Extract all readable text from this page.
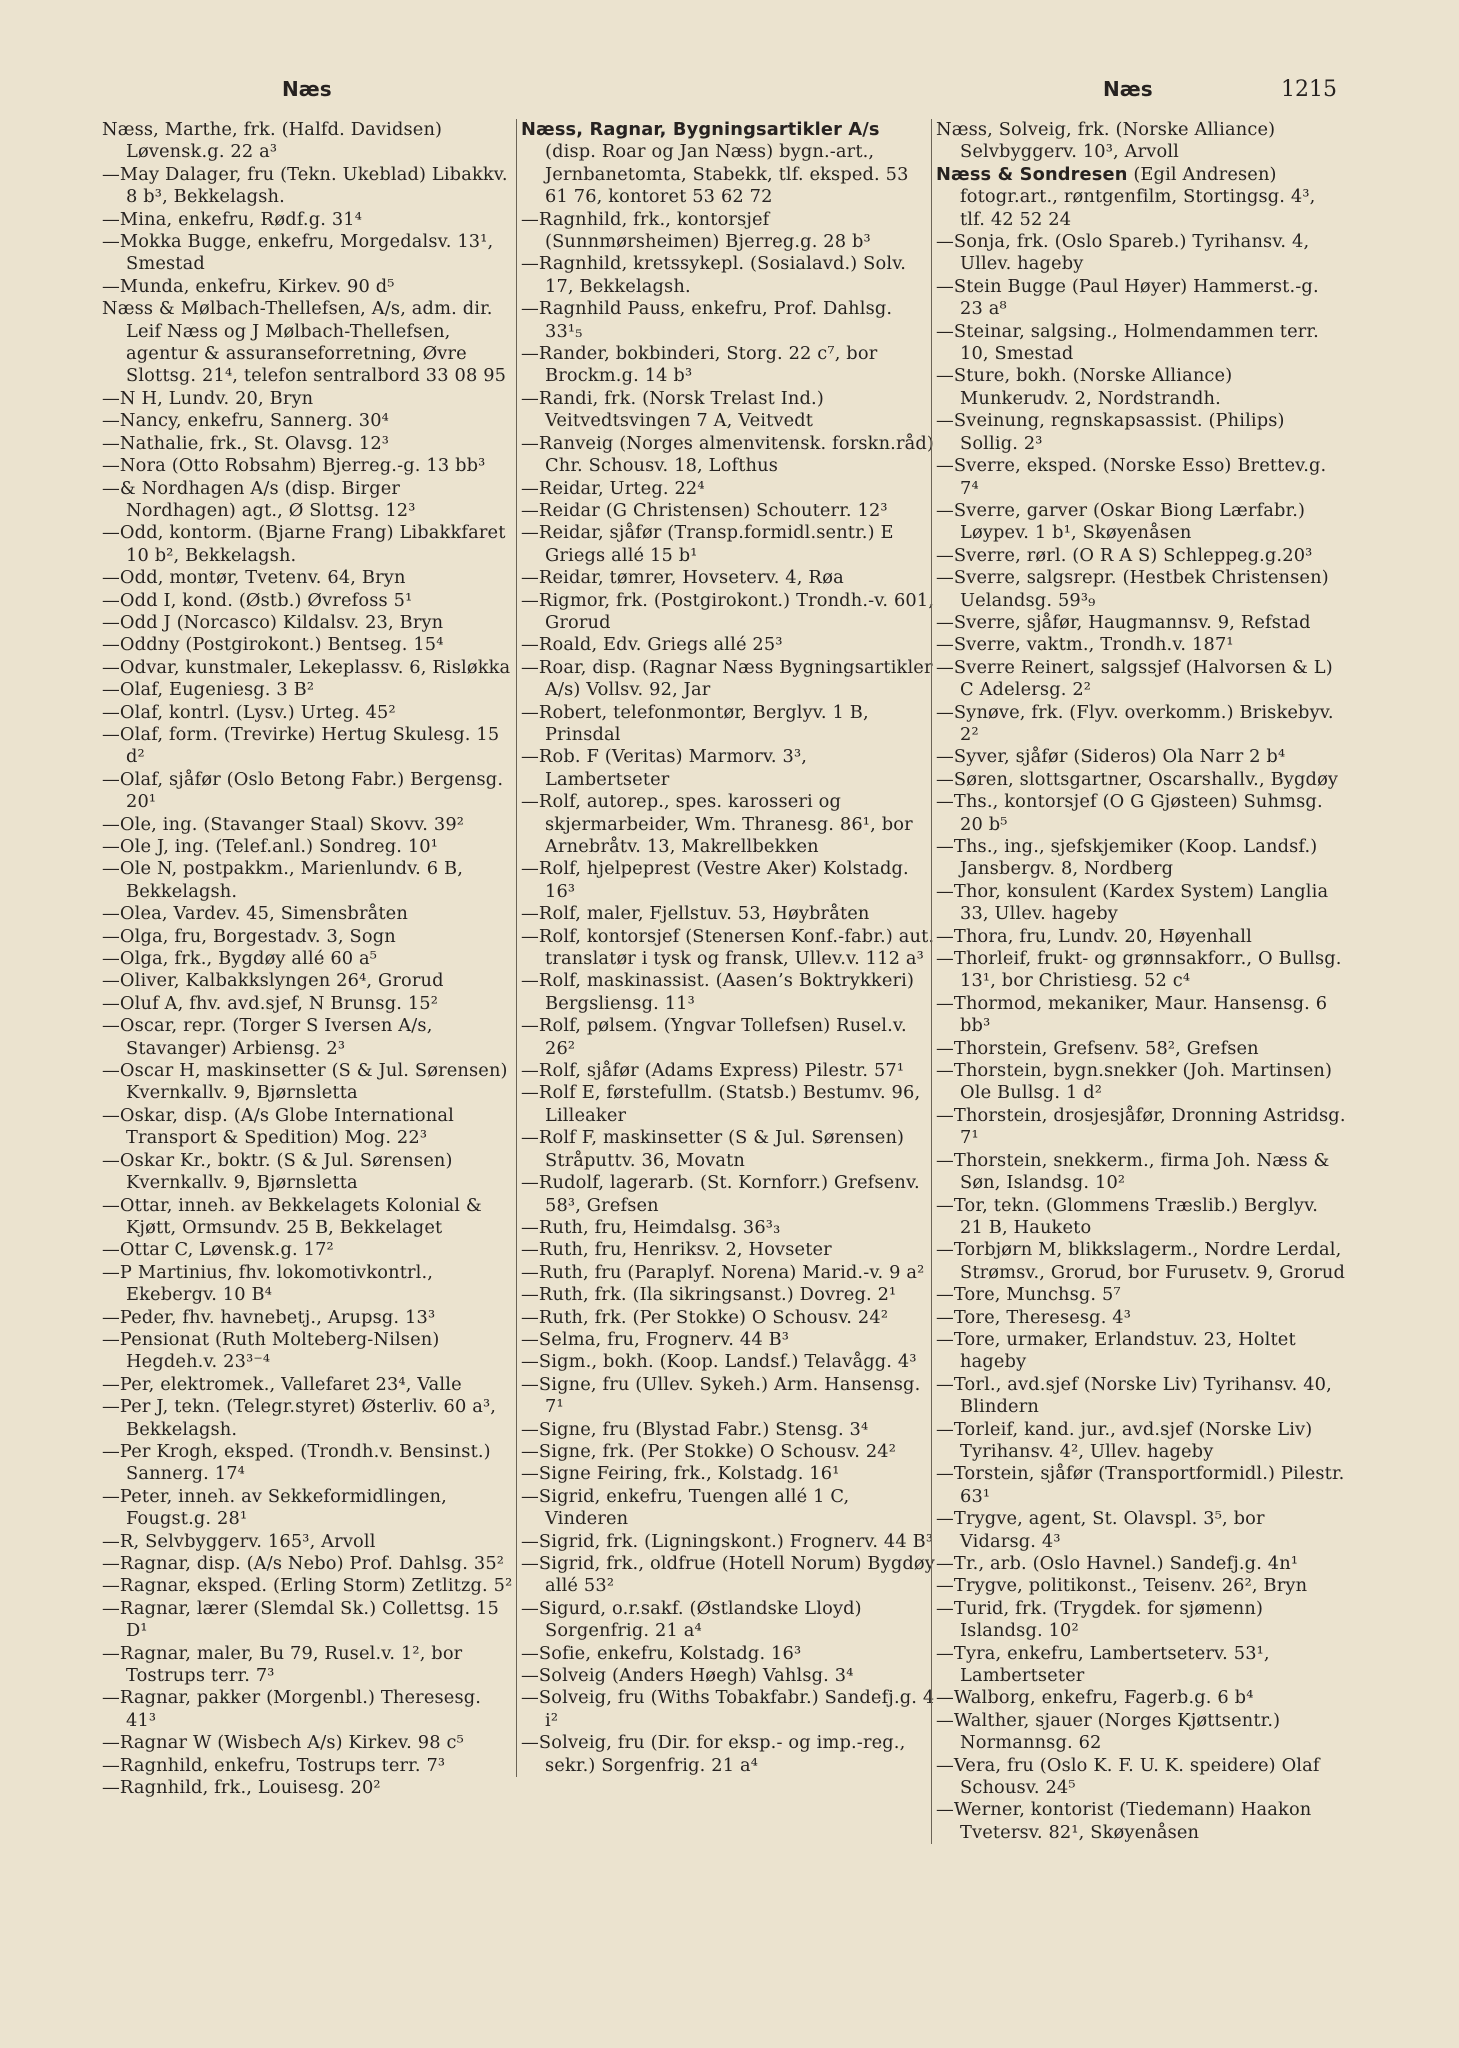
Næs	Næs	1215
Næss, Marthe, frk. (Halfd. Davidsen) Løvensk.g. 22 a³
—May Dalager, fru (Tekn. Ukeblad) Libakkv. 8 b³, Bekkelagsh.
—Mina, enkefru, Rødf.g. 31⁴
—Mokka Bugge, enkefru, Morgedalsv. 13¹, Smestad
—Munda, enkefru, Kirkev. 90 d⁵
Næss & Mølbach-Thellefsen, A/s, adm. dir. Leif Næss og J Mølbach-Thellefsen, agentur & assuranseforretning, Øvre Slottsg. 21⁴, telefon sentralbord 33 08 95
—N H, Lundv. 20, Bryn
—Nancy, enkefru, Sannerg. 30⁴
—Nathalie, frk., St. Olavsg. 12³
—Nora (Otto Robsahm) Bjerreg.-g. 13 bb³
—& Nordhagen A/s (disp. Birger Nordhagen) agt., Ø Slottsg. 12³
—Odd, kontorm. (Bjarne Frang) Libakkfaret 10 b², Bekkelagsh.
—Odd, montør, Tvetenv. 64, Bryn
—Odd I, kond. (Østb.) Øvrefoss 5¹
—Odd J (Norcasco) Kildalsv. 23, Bryn
—Oddny (Postgirokont.) Bentseg. 15⁴
—Odvar, kunstmaler, Lekeplassv. 6, Risløkka
—Olaf, Eugeniesg. 3 B²
—Olaf, kontrl. (Lysv.) Urteg. 45²
—Olaf, form. (Trevirke) Hertug Skulesg. 15 d²
—Olaf, sjåfør (Oslo Betong Fabr.) Bergensg. 20¹
—Ole, ing. (Stavanger Staal) Skovv. 39²
—Ole J, ing. (Telef.anl.) Sondreg. 10¹
—Ole N, postpakkm., Marienlundv. 6 B, Bekkelagsh.
—Olea, Vardev. 45, Simensbråten
—Olga, fru, Borgestadv. 3, Sogn
—Olga, frk., Bygdøy allé 60 a⁵
—Oliver, Kalbakkslyngen 26⁴, Grorud
—Oluf A, fhv. avd.sjef, N Brunsg. 15²
—Oscar, repr. (Torger S Iversen A/s, Stavanger) Arbiensg. 2³
—Oscar H, maskinsetter (S & Jul. Sørensen) Kvernkallv. 9, Bjørnsletta
—Oskar, disp. (A/s Globe International Transport & Spedition) Mog. 22³
—Oskar Kr., boktr. (S & Jul. Sørensen) Kvernkallv. 9, Bjørnsletta
—Ottar, inneh. av Bekkelagets Kolonial & Kjøtt, Ormsundv. 25 B, Bekkelaget
—Ottar C, Løvensk.g. 17²
—P Martinius, fhv. lokomotivkontrl., Ekebergv. 10 B⁴
—Peder, fhv. havnebetj., Arupsg. 13³
—Pensionat (Ruth Molteberg-Nilsen) Hegdeh.v. 23³⁻⁴
—Per, elektromek., Vallefaret 23⁴, Valle
—Per J, tekn. (Telegr.styret) Østerliv. 60 a³, Bekkelagsh.
—Per Krogh, eksped. (Trondh.v. Bensinst.) Sannerg. 17⁴
—Peter, inneh. av Sekkeformidlingen, Fougst.g. 28¹
—R, Selvbyggerv. 165³, Arvoll
—Ragnar, disp. (A/s Nebo) Prof. Dahlsg. 35²
—Ragnar, eksped. (Erling Storm) Zetlitzg. 5²
—Ragnar, lærer (Slemdal Sk.) Collettsg. 15 D¹
—Ragnar, maler, Bu 79, Rusel.v. 1², bor Tostrups terr. 7³
—Ragnar, pakker (Morgenbl.) Theresesg. 41³
—Ragnar W (Wisbech A/s) Kirkev. 98 c⁵
—Ragnhild, enkefru, Tostrups terr. 7³
—Ragnhild, frk., Louisesg. 20²
Næss, Ragnar, Bygningsartikler A/s (disp. Roar og Jan Næss) bygn.-art., Jernbanetomta, Stabekk, tlf. eksped. 53 61 76, kontoret 53 62 72
—Ragnhild, frk., kontorsjef (Sunnmørsheimen) Bjerreg.g. 28 b³
—Ragnhild, kretssykepl. (Sosialavd.) Solv. 17, Bekkelagsh.
—Ragnhild Pauss, enkefru, Prof. Dahlsg. 33¹₅
—Rander, bokbinderi, Storg. 22 c⁷, bor Brockm.g. 14 b³
—Randi, frk. (Norsk Trelast Ind.) Veitvedtsvingen 7 A, Veitvedt
—Ranveig (Norges almenvitensk. forskn.råd) Chr. Schousv. 18, Lofthus
—Reidar, Urteg. 22⁴
—Reidar (G Christensen) Schouterr. 12³
—Reidar, sjåfør (Transp.formidl.sentr.) E Griegs allé 15 b¹
—Reidar, tømrer, Hovseterv. 4, Røa
—Rigmor, frk. (Postgirokont.) Trondh.-v. 601, Grorud
—Roald, Edv. Griegs allé 25³
—Roar, disp. (Ragnar Næss Bygningsartikler A/s) Vollsv. 92, Jar
—Robert, telefonmontør, Berglyv. 1 B, Prinsdal
—Rob. F (Veritas) Marmorv. 3³, Lambertseter
—Rolf, autorep., spes. karosseri og skjermarbeider, Wm. Thranesg. 86¹, bor Arnebråtv. 13, Makrellbekken
—Rolf, hjelpeprest (Vestre Aker) Kolstadg. 16³
—Rolf, maler, Fjellstuv. 53, Høybråten
—Rolf, kontorsjef (Stenersen Konf.-fabr.) aut. translatør i tysk og fransk, Ullev.v. 112 a³
—Rolf, maskinassist. (Aasen’s Boktrykkeri) Bergsliensg. 11³
—Rolf, pølsem. (Yngvar Tollefsen) Rusel.v. 26²
—Rolf, sjåfør (Adams Express) Pilestr. 57¹
—Rolf E, førstefullm. (Statsb.) Bestumv. 96, Lilleaker
—Rolf F, maskinsetter (S & Jul. Sørensen) Stråputtv. 36, Movatn
—Rudolf, lagerarb. (St. Kornforr.) Grefsenv. 58³, Grefsen
—Ruth, fru, Heimdalsg. 36³₃
—Ruth, fru, Henriksv. 2, Hovseter
—Ruth, fru (Paraplyf. Norena) Marid.-v. 9 a²
—Ruth, frk. (Ila sikringsanst.) Dovreg. 2¹
—Ruth, frk. (Per Stokke) O Schousv. 24²
—Selma, fru, Frognerv. 44 B³
—Sigm., bokh. (Koop. Landsf.) Telavågg. 4³
—Signe, fru (Ullev. Sykeh.) Arm. Hansensg. 7¹
—Signe, fru (Blystad Fabr.) Stensg. 3⁴
—Signe, frk. (Per Stokke) O Schousv. 24²
—Signe Feiring, frk., Kolstadg. 16¹
—Sigrid, enkefru, Tuengen allé 1 C, Vinderen
—Sigrid, frk. (Ligningskont.) Frognerv. 44 B³
—Sigrid, frk., oldfrue (Hotell Norum) Bygdøy allé 53²
—Sigurd, o.r.sakf. (Østlandske Lloyd) Sorgenfrig. 21 a⁴
—Sofie, enkefru, Kolstadg. 16³
—Solveig (Anders Høegh) Vahlsg. 3⁴
—Solveig, fru (Withs Tobakfabr.) Sandefj.g. 4 i²
—Solveig, fru (Dir. for eksp.- og imp.-reg., sekr.) Sorgenfrig. 21 a⁴
Næss, Solveig, frk. (Norske Alliance) Selvbyggerv. 10³, Arvoll
Næss & Sondresen (Egil Andresen) fotogr.art., røntgenfilm, Stortingsg. 4³, tlf. 42 52 24
—Sonja, frk. (Oslo Spareb.) Tyrihansv. 4, Ullev. hageby
—Stein Bugge (Paul Høyer) Hammerst.-g. 23 a⁸
—Steinar, salgsing., Holmendammen terr. 10, Smestad
—Sture, bokh. (Norske Alliance) Munkerudv. 2, Nordstrandh.
—Sveinung, regnskapsassist. (Philips) Sollig. 2³
—Sverre, eksped. (Norske Esso) Brettev.g. 7⁴
—Sverre, garver (Oskar Biong Lærfabr.) Løypev. 1 b¹, Skøyenåsen
—Sverre, rørl. (O R A S) Schleppeg.g.20³
—Sverre, salgsrepr. (Hestbek Christensen) Uelandsg. 59³₉
—Sverre, sjåfør, Haugmannsv. 9, Refstad
—Sverre, vaktm., Trondh.v. 187¹
—Sverre Reinert, salgssjef (Halvorsen & L) C Adelersg. 2²
—Synøve, frk. (Flyv. overkomm.) Briskebyv. 2²
—Syver, sjåfør (Sideros) Ola Narr 2 b⁴
—Søren, slottsgartner, Oscarshallv., Bygdøy
—Ths., kontorsjef (O G Gjøsteen) Suhmsg. 20 b⁵
—Ths., ing., sjefskjemiker (Koop. Landsf.) Jansbergv. 8, Nordberg
—Thor, konsulent (Kardex System) Langlia 33, Ullev. hageby
—Thora, fru, Lundv. 20, Høyenhall
—Thorleif, frukt- og grønnsakforr., O Bullsg. 13¹, bor Christiesg. 52 c⁴
—Thormod, mekaniker, Maur. Hansensg. 6 bb³
—Thorstein, Grefsenv. 58², Grefsen
—Thorstein, bygn.snekker (Joh. Martinsen) Ole Bullsg. 1 d²
—Thorstein, drosjesjåfør, Dronning Astridsg. 7¹
—Thorstein, snekkerm., firma Joh. Næss & Søn, Islandsg. 10²
—Tor, tekn. (Glommens Træslib.) Berglyv. 21 B, Hauketo
—Torbjørn M, blikkslagerm., Nordre Lerdal, Strømsv., Grorud, bor Furusetv. 9, Grorud
—Tore, Munchsg. 5⁷
—Tore, Theresesg. 4³
—Tore, urmaker, Erlandstuv. 23, Holtet hageby
—Torl., avd.sjef (Norske Liv) Tyrihansv. 40, Blindern
—Torleif, kand. jur., avd.sjef (Norske Liv) Tyrihansv. 4², Ullev. hageby
—Torstein, sjåfør (Transportformidl.) Pilestr. 63¹
—Trygve, agent, St. Olavspl. 3⁵, bor Vidarsg. 4³
—Tr., arb. (Oslo Havnel.) Sandefj.g. 4n¹
—Trygve, politikonst., Teisenv. 26², Bryn
—Turid, frk. (Trygdek. for sjømenn) Islandsg. 10²
—Tyra, enkefru, Lambertseterv. 53¹, Lambertseter
—Walborg, enkefru, Fagerb.g. 6 b⁴
—Walther, sjauer (Norges Kjøttsentr.) Normannsg. 62
—Vera, fru (Oslo K. F. U. K. speidere) Olaf Schousv. 24⁵
—Werner, kontorist (Tiedemann) Haakon Tvetersv. 82¹, Skøyenåsen
